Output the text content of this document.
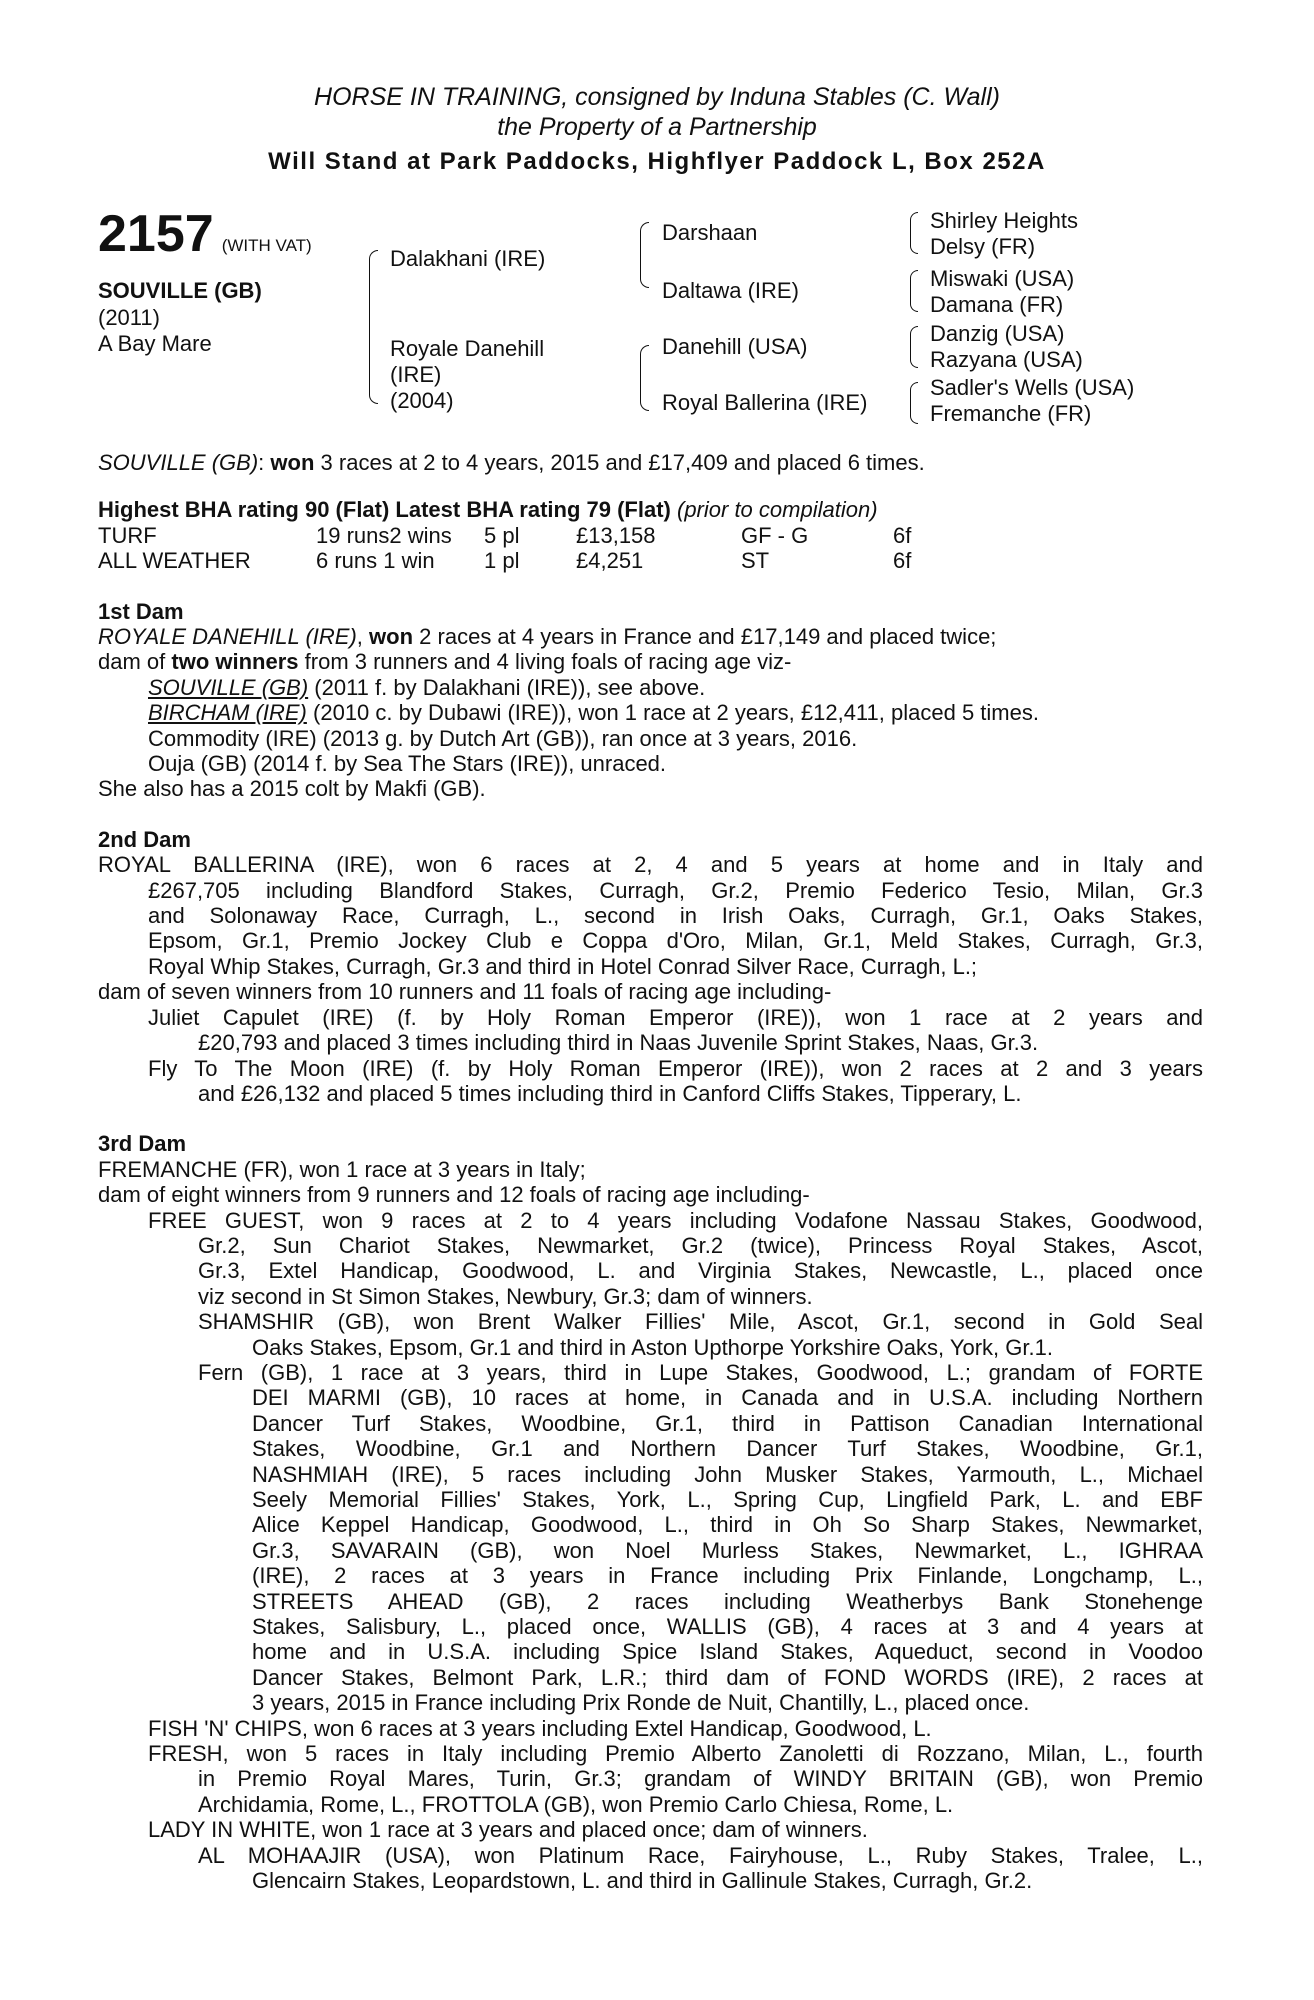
HORSE IN TRAINING, consigned by Induna Stables (C. Wall)
the Property of a Partnership
Will Stand at Park Paddocks, Highflyer Paddock L, Box 252A
2157 (WITH VAT)
SOUVILLE (GB)
(2011)
A Bay Mare
Dalakhani (IRE)
Royale Danehill
(IRE)
(2004)
Darshaan
Daltawa (IRE)
Danehill (USA)
Royal Ballerina (IRE)
Shirley Heights
Delsy (FR)
Miswaki (USA)
Damana (FR)
Danzig (USA)
Razyana (USA)
Sadler's Wells (USA)
Fremanche (FR)
SOUVILLE (GB): won 3 races at 2 to 4 years, 2015 and £17,409 and placed 6 times.
Highest BHA rating 90 (Flat) Latest BHA rating 79 (Flat) (prior to compilation)
TURF	19 runs2 wins 5 pl	£13,158	GF - G	6f
ALL WEATHER	6 runs 1 win 1 pl	£4,251	ST	6f
1st Dam
ROYALE DANEHILL (IRE), won 2 races at 4 years in France and £17,149 and placed twice;
dam of two winners from 3 runners and 4 living foals of racing age viz-
SOUVILLE (GB) (2011 f. by Dalakhani (IRE)), see above.
BIRCHAM (IRE) (2010 c. by Dubawi (IRE)), won 1 race at 2 years, £12,411, placed 5 times.
Commodity (IRE) (2013 g. by Dutch Art (GB)), ran once at 3 years, 2016.
Ouja (GB) (2014 f. by Sea The Stars (IRE)), unraced.
She also has a 2015 colt by Makfi (GB).
2nd Dam
ROYAL BALLERINA (IRE), won 6 races at 2, 4 and 5 years at home and in Italy and
£267,705 including Blandford Stakes, Curragh, Gr.2, Premio Federico Tesio, Milan, Gr.3
and Solonaway Race, Curragh, L., second in Irish Oaks, Curragh, Gr.1, Oaks Stakes,
Epsom, Gr.1, Premio Jockey Club e Coppa d'Oro, Milan, Gr.1, Meld Stakes, Curragh, Gr.3,
Royal Whip Stakes, Curragh, Gr.3 and third in Hotel Conrad Silver Race, Curragh, L.;
dam of seven winners from 10 runners and 11 foals of racing age including-
Juliet Capulet (IRE) (f. by Holy Roman Emperor (IRE)), won 1 race at 2 years and
£20,793 and placed 3 times including third in Naas Juvenile Sprint Stakes, Naas, Gr.3.
Fly To The Moon (IRE) (f. by Holy Roman Emperor (IRE)), won 2 races at 2 and 3 years
and £26,132 and placed 5 times including third in Canford Cliffs Stakes, Tipperary, L.
3rd Dam
FREMANCHE (FR), won 1 race at 3 years in Italy;
dam of eight winners from 9 runners and 12 foals of racing age including-
FREE GUEST, won 9 races at 2 to 4 years including Vodafone Nassau Stakes, Goodwood,
Gr.2, Sun Chariot Stakes, Newmarket, Gr.2 (twice), Princess Royal Stakes, Ascot,
Gr.3, Extel Handicap, Goodwood, L. and Virginia Stakes, Newcastle, L., placed once
viz second in St Simon Stakes, Newbury, Gr.3; dam of winners.
SHAMSHIR (GB), won Brent Walker Fillies' Mile, Ascot, Gr.1, second in Gold Seal
Oaks Stakes, Epsom, Gr.1 and third in Aston Upthorpe Yorkshire Oaks, York, Gr.1.
Fern (GB), 1 race at 3 years, third in Lupe Stakes, Goodwood, L.; grandam of FORTE
DEI MARMI (GB), 10 races at home, in Canada and in U.S.A. including Northern
Dancer Turf Stakes, Woodbine, Gr.1, third in Pattison Canadian International
Stakes, Woodbine, Gr.1 and Northern Dancer Turf Stakes, Woodbine, Gr.1,
NASHMIAH (IRE), 5 races including John Musker Stakes, Yarmouth, L., Michael
Seely Memorial Fillies' Stakes, York, L., Spring Cup, Lingfield Park, L. and EBF
Alice Keppel Handicap, Goodwood, L., third in Oh So Sharp Stakes, Newmarket,
Gr.3, SAVARAIN (GB), won Noel Murless Stakes, Newmarket, L., IGHRAA
(IRE), 2 races at 3 years in France including Prix Finlande, Longchamp, L.,
STREETS AHEAD (GB), 2 races including Weatherbys Bank Stonehenge
Stakes, Salisbury, L., placed once, WALLIS (GB), 4 races at 3 and 4 years at
home and in U.S.A. including Spice Island Stakes, Aqueduct, second in Voodoo
Dancer Stakes, Belmont Park, L.R.; third dam of FOND WORDS (IRE), 2 races at
3 years, 2015 in France including Prix Ronde de Nuit, Chantilly, L., placed once.
FISH 'N' CHIPS, won 6 races at 3 years including Extel Handicap, Goodwood, L.
FRESH, won 5 races in Italy including Premio Alberto Zanoletti di Rozzano, Milan, L., fourth
in Premio Royal Mares, Turin, Gr.3; grandam of WINDY BRITAIN (GB), won Premio
Archidamia, Rome, L., FROTTOLA (GB), won Premio Carlo Chiesa, Rome, L.
LADY IN WHITE, won 1 race at 3 years and placed once; dam of winners.
AL MOHAAJIR (USA), won Platinum Race, Fairyhouse, L., Ruby Stakes, Tralee, L.,
Glencairn Stakes, Leopardstown, L. and third in Gallinule Stakes, Curragh, Gr.2.
